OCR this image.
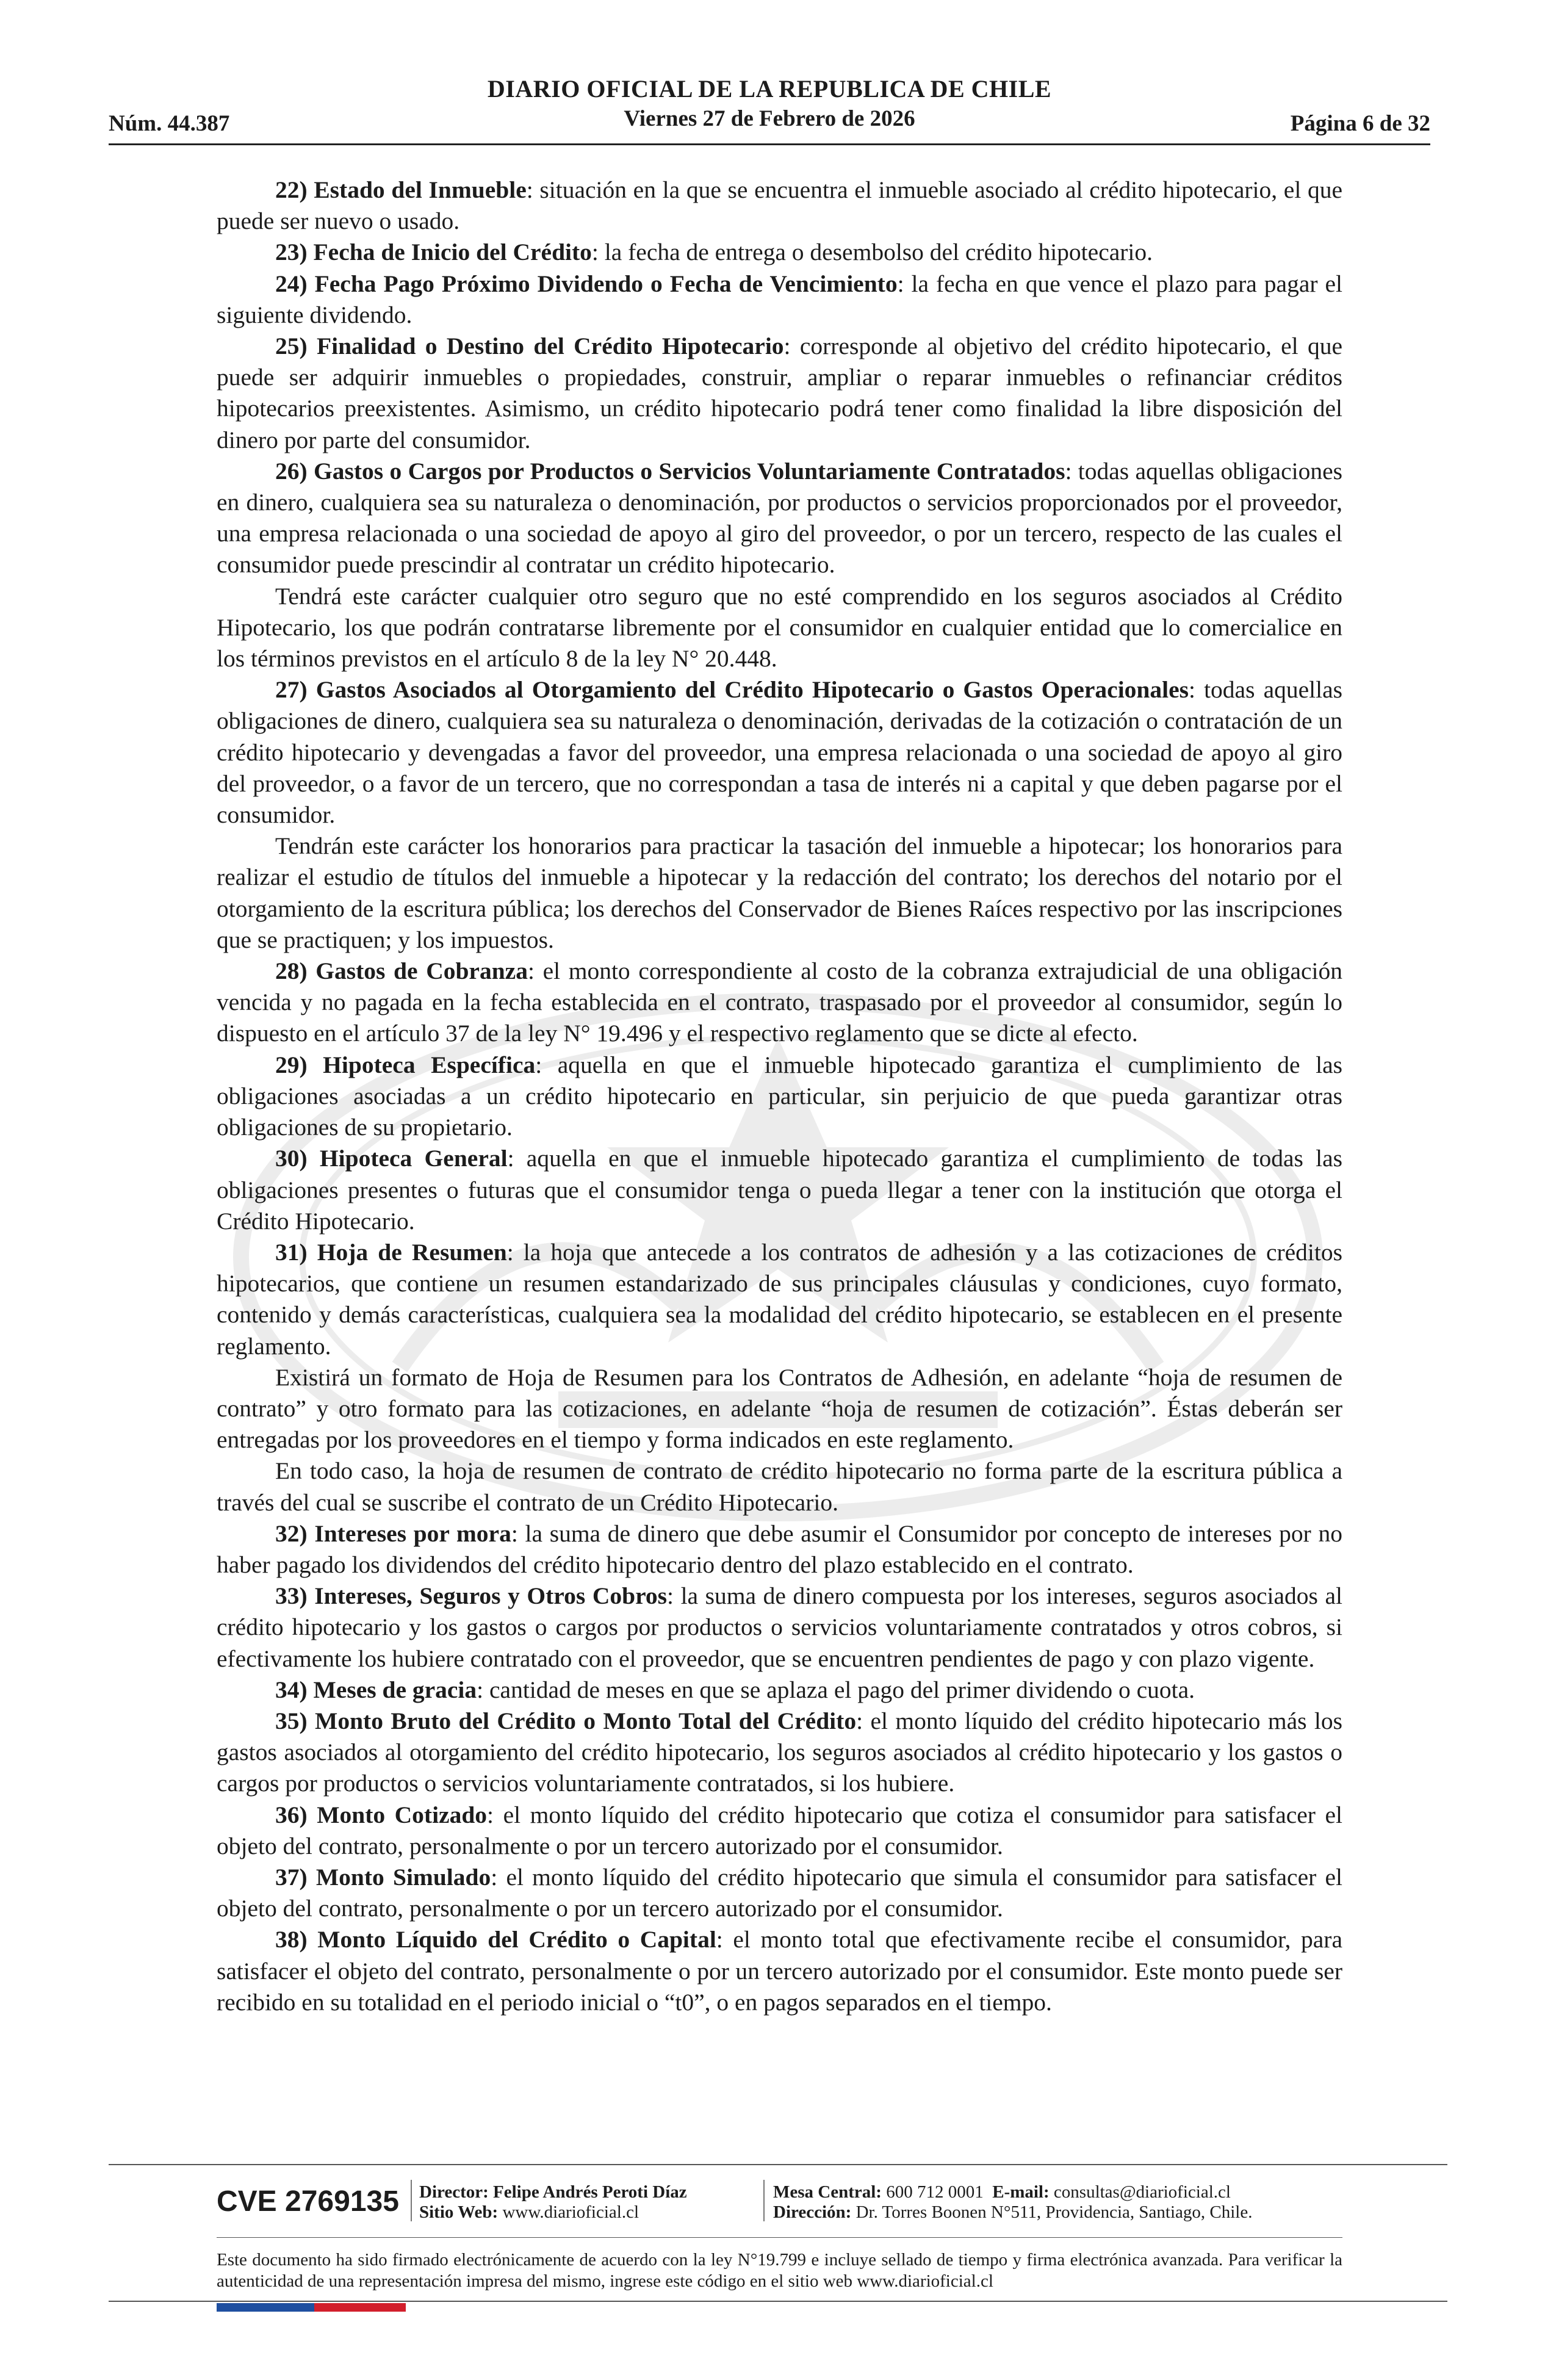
Núm. 44.387
DIARIO OFICIAL DE LA REPUBLICA DE CHILE
Viernes 27 de Febrero de 2026	Página 6 de 32

22) Estado del Inmueble: situación en la que se encuentra el inmueble asociado al crédito hipotecario, el que puede ser nuevo o usado.

23) Fecha de Inicio del Crédito: la fecha de entrega o desembolso del crédito hipotecario.

24) Fecha Pago Próximo Dividendo o Fecha de Vencimiento: la fecha en que vence el plazo para pagar el siguiente dividendo.

25) Finalidad o Destino del Crédito Hipotecario: corresponde al objetivo del crédito hipotecario, el que puede ser adquirir inmuebles o propiedades, construir, ampliar o reparar inmuebles o refinanciar créditos hipotecarios preexistentes. Asimismo, un crédito hipotecario podrá tener como finalidad la libre disposición del dinero por parte del consumidor.

26) Gastos o Cargos por Productos o Servicios Voluntariamente Contratados: todas aquellas obligaciones en dinero, cualquiera sea su naturaleza o denominación, por productos o servicios proporcionados por el proveedor, una empresa relacionada o una sociedad de apoyo al giro del proveedor, o por un tercero, respecto de las cuales el consumidor puede prescindir al contratar un crédito hipotecario.

Tendrá este carácter cualquier otro seguro que no esté comprendido en los seguros asociados al Crédito Hipotecario, los que podrán contratarse libremente por el consumidor en cualquier entidad que lo comercialice en los términos previstos en el artículo 8 de la ley N° 20.448.

27) Gastos Asociados al Otorgamiento del Crédito Hipotecario o Gastos Operacionales: todas aquellas obligaciones de dinero, cualquiera sea su naturaleza o denominación, derivadas de la cotización o contratación de un crédito hipotecario y devengadas a favor del proveedor, una empresa relacionada o una sociedad de apoyo al giro del proveedor, o a favor de un tercero, que no correspondan a tasa de interés ni a capital y que deben pagarse por el consumidor.

Tendrán este carácter los honorarios para practicar la tasación del inmueble a hipotecar; los honorarios para realizar el estudio de títulos del inmueble a hipotecar y la redacción del contrato; los derechos del notario por el otorgamiento de la escritura pública; los derechos del Conservador de Bienes Raíces respectivo por las inscripciones que se practiquen; y los impuestos.

28) Gastos de Cobranza: el monto correspondiente al costo de la cobranza extrajudicial de una obligación vencida y no pagada en la fecha establecida en el contrato, traspasado por el proveedor al consumidor, según lo dispuesto en el artículo 37 de la ley N° 19.496 y el respectivo reglamento que se dicte al efecto.

29) Hipoteca Específica: aquella en que el inmueble hipotecado garantiza el cumplimiento de las obligaciones asociadas a un crédito hipotecario en particular, sin perjuicio de que pueda garantizar otras obligaciones de su propietario.

30) Hipoteca General: aquella en que el inmueble hipotecado garantiza el cumplimiento de todas las obligaciones presentes o futuras que el consumidor tenga o pueda llegar a tener con la institución que otorga el Crédito Hipotecario.

31) Hoja de Resumen: la hoja que antecede a los contratos de adhesión y a las cotizaciones de créditos hipotecarios, que contiene un resumen estandarizado de sus principales cláusulas y condiciones, cuyo formato, contenido y demás características, cualquiera sea la modalidad del crédito hipotecario, se establecen en el presente reglamento.

Existirá un formato de Hoja de Resumen para los Contratos de Adhesión, en adelante “hoja de resumen de contrato” y otro formato para las cotizaciones, en adelante “hoja de resumen de cotización”. Éstas deberán ser entregadas por los proveedores en el tiempo y forma indicados en este reglamento.

En todo caso, la hoja de resumen de contrato de crédito hipotecario no forma parte de la escritura pública a través del cual se suscribe el contrato de un Crédito Hipotecario.

32) Intereses por mora: la suma de dinero que debe asumir el Consumidor por concepto de intereses por no haber pagado los dividendos del crédito hipotecario dentro del plazo establecido en el contrato.

33) Intereses, Seguros y Otros Cobros: la suma de dinero compuesta por los intereses, seguros asociados al crédito hipotecario y los gastos o cargos por productos o servicios voluntariamente contratados y otros cobros, si efectivamente los hubiere contratado con el proveedor, que se encuentren pendientes de pago y con plazo vigente.

34) Meses de gracia: cantidad de meses en que se aplaza el pago del primer dividendo o cuota.

35) Monto Bruto del Crédito o Monto Total del Crédito: el monto líquido del crédito hipotecario más los gastos asociados al otorgamiento del crédito hipotecario, los seguros asociados al crédito hipotecario y los gastos o cargos por productos o servicios voluntariamente contratados, si los hubiere.

36) Monto Cotizado: el monto líquido del crédito hipotecario que cotiza el consumidor para satisfacer el objeto del contrato, personalmente o por un tercero autorizado por el consumidor.

37) Monto Simulado: el monto líquido del crédito hipotecario que simula el consumidor para satisfacer el objeto del contrato, personalmente o por un tercero autorizado por el consumidor.

38) Monto Líquido del Crédito o Capital: el monto total que efectivamente recibe el consumidor, para satisfacer el objeto del contrato, personalmente o por un tercero autorizado por el consumidor. Este monto puede ser recibido en su totalidad en el periodo inicial o “t0”, o en pagos separados en el tiempo.

CVE 2769135 Director: Felipe Andrés Peroti Díaz
Sitio Web: www.diarioficial.cl
Mesa Central: 600 712 0001 E-mail: consultas@diarioficial.cl
Dirección: Dr. Torres Boonen N°511, Providencia, Santiago, Chile.
Este documento ha sido firmado electrónicamente de acuerdo con la ley N°19.799 e incluye sellado de tiempo y firma electrónica avanzada. Para verificar la autenticidad de una representación impresa del mismo, ingrese este código en el sitio web www.diarioficial.cl
